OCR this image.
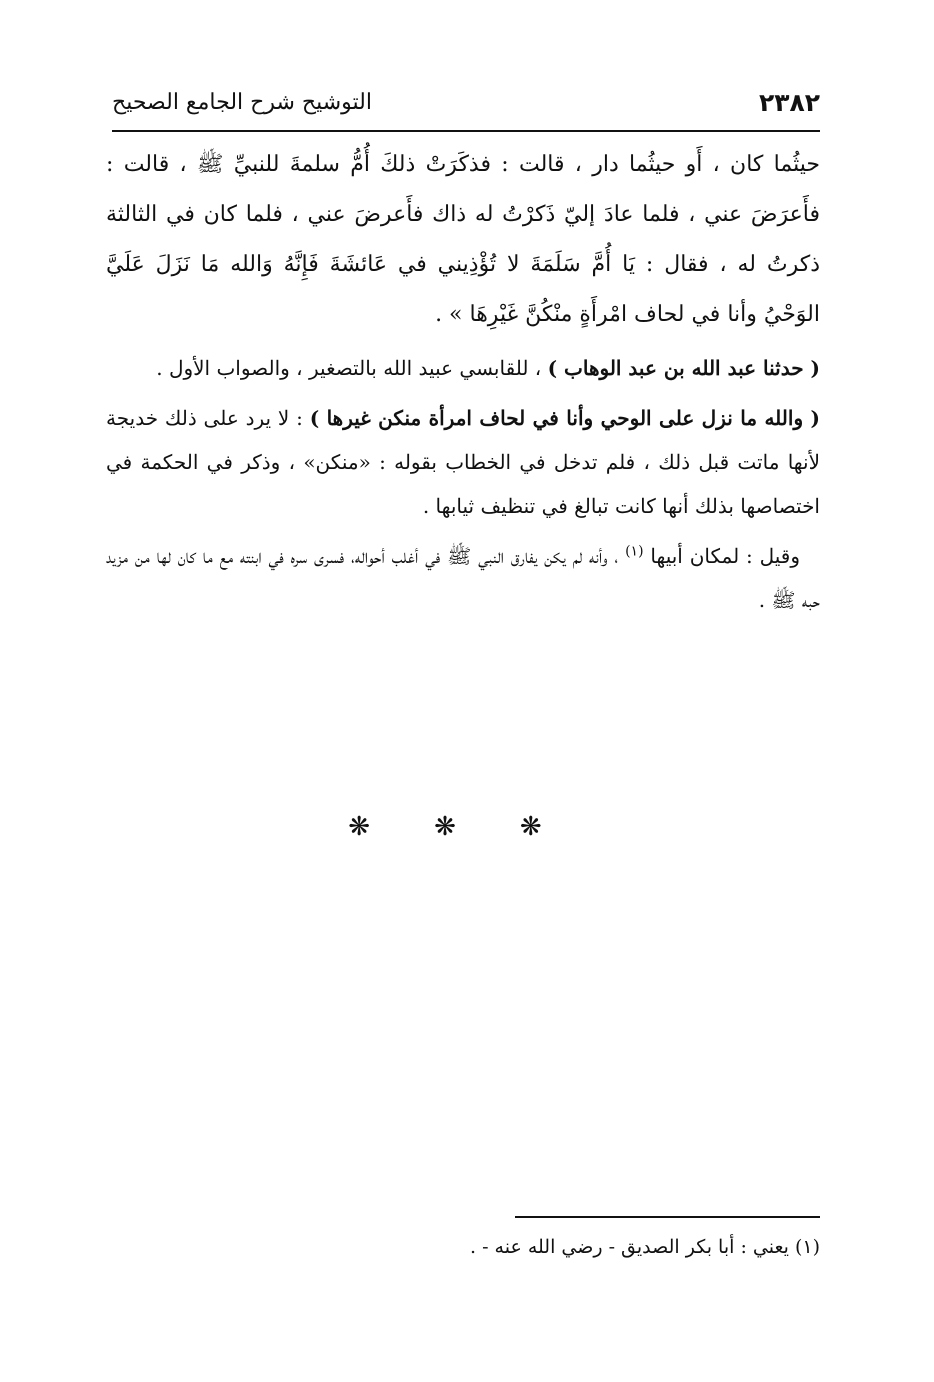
٢٣٨٢
التوشيح شرح الجامع الصحيح

حيثُما كان ، أَو حيثُما دار ، قالت : فذكَرَتْ ذلكَ أُمُّ سلمةَ للنبيِّ ﷺ ، قالت : فأَعرَضَ عني ، فلما عادَ إليّ ذَكرْتُ له ذاك فأَعرضَ عني ، فلما كان في الثالثة ذكرتُ له ، فقال : يَا أُمَّ سَلَمَةَ لا تُؤْذِيني في عَائشَةَ فَإِنَّهُ وَالله مَا نَزَلَ عَلَيَّ الوَحْيُ وأنا في لحاف امْرأَةٍ منْكُنَّ غَيْرِهَا » .

( حدثنا عبد الله بن عبد الوهاب ) ، للقابسي عبيد الله بالتصغير ، والصواب الأول .

( والله ما نزل على الوحي وأنا في لحاف امرأة منكن غيرها ) : لا يرد على ذلك خديجة لأنها ماتت قبل ذلك ، فلم تدخل في الخطاب بقوله : «منكن» ، وذكر في الحكمة في اختصاصها بذلك أنها كانت تبالغ في تنظيف ثيابها .

وقيل : لمكان أبيها $^{(١)}$ ، وأنه لم يكن يفارق النبي ﷺ في أغلب أحواله، فسرى سره في ابنته مع ما كان لها من مزيد حبه ﷺ .

❋ ❋ ❋
(١) يعني : أبا بكر الصديق - رضي الله عنه - .
